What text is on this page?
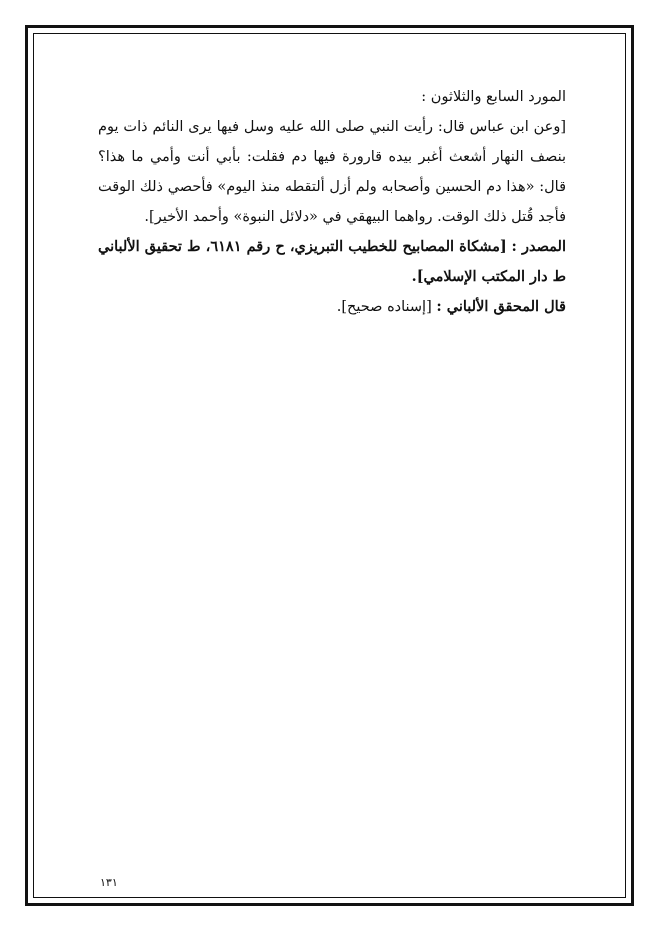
المورد السابع والثلاثون :
[وعن ابن عباس قال: رأيت النبي صلى الله عليه وسل فيها يرى النائم ذات يوم
بنصف النهار أشعث أغبر بيده قارورة فيها دم فقلت: بأبي أنت وأمي ما هذا؟
قال: «هذا دم الحسين وأصحابه ولم أزل ألتقطه منذ اليوم» فأحصي ذلك الوقت
فأجد قُتل ذلك الوقت. رواهما البيهقي في «دلائل النبوة» وأحمد الأخير].
المصدر : [مشكاة المصابيح للخطيب التبريزي، ح رقم ٦١٨١، ط تحقيق الألباني
ط دار المكتب الإسلامي].
قال المحقق الألباني : [إسناده صحيح].
١٣١
